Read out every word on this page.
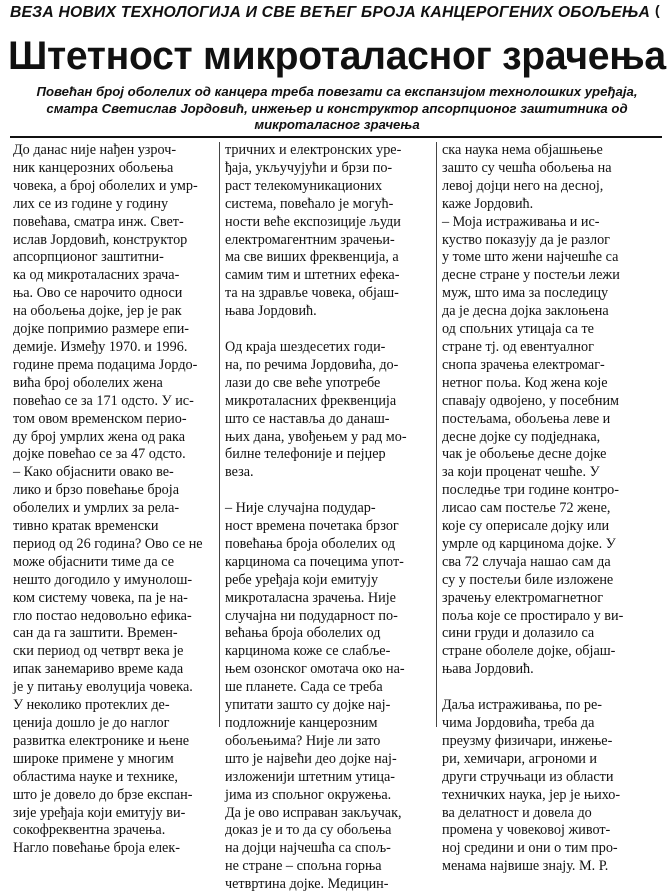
ВЕЗА НОВИХ ТЕХНОЛОГИЈА И СВЕ ВЕЋЕГ БРОЈА КАНЦЕРОГЕНИХ ОБОЉЕЊА (
Штетност микроталасног зрачења
Повећан број оболелих од канцера треба повезати са експанзијом технолошких уређаја, сматра Светислав Јордовић, инжењер и конструктор апсорпционог заштитника од микроталасног зрачења
До данас није нађен узроч-
ник канцерозних обољења
човека, а број оболелих и умр-
лих се из године у годину
повећава, сматра инж. Свет-
ислав Јордовић, конструктор
апсорпционог заштитни-
ка од микроталасних зрача-
ња. Ово се нарочито односи
на обољења дојке, јер је рак
дојке попримио размере епи-
демије. Између 1970. и 1996.
године према подацима Јордо-
вића број оболелих жена
повећао се за 171 одсто. У ис-
том овом временском перио-
ду број умрлих жена од рака
дојке повећао се за 47 одсто.
– Како објаснити овако ве-
лико и брзо повећање броја
оболелих и умрлих за рела-
тивно кратак временски
период од 26 година? Ово се не
може објаснити тиме да се
нешто догодило у имунолош-
ком систему човека, па је на-
гло постао недовољно ефика-
сан да га заштити. Времен-
ски период од четврт века је
ипак занемариво време када
је у питању еволуција човека.
У неколико протеклих де-
ценија дошло је до наглог
развитка електронике и њене
широке примене у многим
областима науке и технике,
што је довело до брзе експан-
зије уређаја који емитују ви-
сокофреквентна зрачења.
Нагло повећање броја елек-
тричних и електронских уре-
ђаја, укључујући и брзи по-
раст телекомуникационих
система, повећало је могућ-
ности веће експозиције људи
електромагентним зрачењи-
ма све виших фреквенција, а
самим тим и штетних ефека-
та на здравље човека, објаш-
њава Јордовић.

Од краја шездесетих годи-
на, по речима Јордовића, до-
лази до све веће употребе
микроталасних фреквенција
што се наставља до данаш-
њих дана, увођењем у рад мо-
билне телефоније и пејџер
веза.

– Није случајна подудар-
ност времена почетака брзог
повећања броја оболелих од
карцинома са почецима упот-
ребе уређаја који емитују
микроталасна зрачења. Није
случајна ни подударност по-
већања броја оболелих од
карцинома коже се слабље-
њем озонског омотача око на-
ше планете. Сада се треба
упитати зашто су дојке нај-
подложније канцерозним
обољењима? Није ли зато
што је највећи део дојке нај-
изложенији штетним утица-
јима из спољног окружења.
Да је ово исправан закључак,
доказ је и то да су обољења
на дојци најчешћа са спољ-
не стране – спољна горња
четвртина дојке. Медицин-
ска наука нема објашњење
зашто су чешћа обољења на
левој дојци него на десној,
каже Јордовић.
– Моја истраживања и ис-
куство показују да је разлог
у томе што жени најчешће са
десне стране у постељи лежи
муж, што има за последицу
да је десна дојка заклоњена
од спољних утицаја са те
стране тј. од евентуалног
снопа зрачења електромаг-
нетног поља. Код жена које
спавају одвојено, у посебним
постељама, обољења леве и
десне дојке су подједнака,
чак је обољење десне дојке
за који проценат чешће. У
последње три године контро-
лисао сам постеље 72 жене,
које су оперисале дојку или
умрле од карцинома дојке. У
сва 72 случаја нашао сам да
су у постељи биле изложене
зрачењу електромагнетног
поља које се простирало у ви-
сини груди и долазило са
стране оболеле дојке, објаш-
њава Јордовић.

Даља истраживања, по ре-
чима Јордовића, треба да
преузму физичари, инжење-
ри, хемичари, агрономи и
други стручњаци из области
техничких наука, јер је њихо-
ва делатност и довела до
промена у човековој живот-
ној средини и они о тим про-
менама највише знају. М. Р.
